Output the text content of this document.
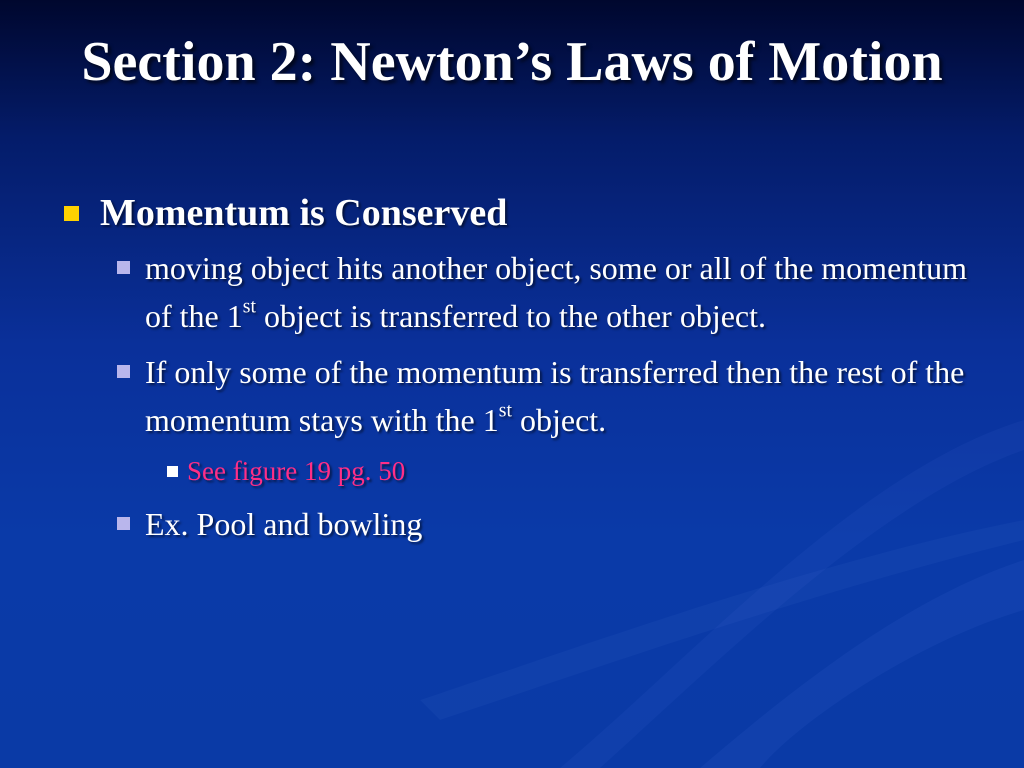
Section 2: Newton’s Laws of Motion
Momentum is Conserved
moving object hits another object, some or all of the momentum of the 1st object is transferred to the other object.
If only some of the momentum is transferred then the rest of the momentum stays with the 1st object.
See figure 19 pg. 50
Ex. Pool and bowling
